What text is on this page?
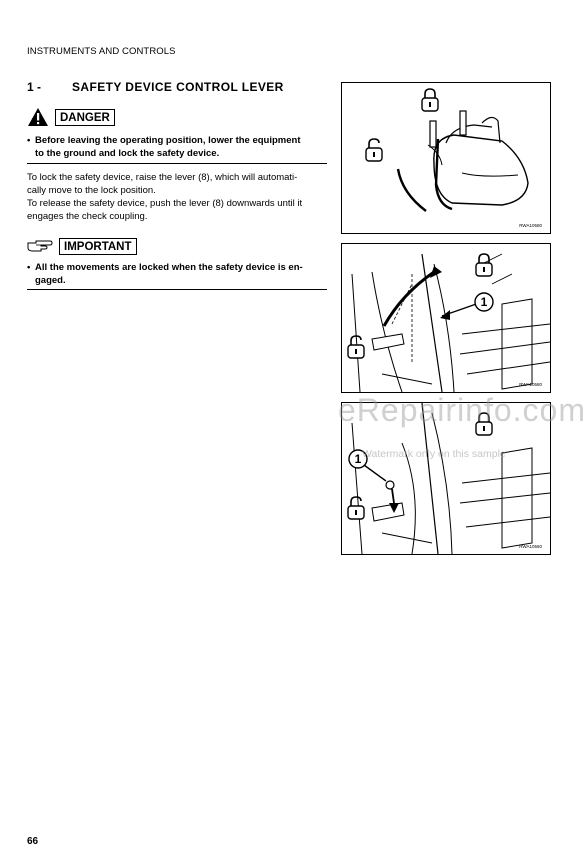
INSTRUMENTS AND CONTROLS
1 -	SAFETY DEVICE CONTROL LEVER
DANGER
• Before leaving the operating position, lower the equipment
to the ground and lock the safety device.
To lock the safety device, raise the lever (8), which will automati-
cally move to the lock position.
To release the safety device, push the lever (8) downwards until it
engages the check coupling.
IMPORTANT
• All the movements are locked when the safety device is en-
gaged.
RWA10580
1
RWA10580
1
RWA10560
eRepairinfo.com
Watermark only on this sample
66
